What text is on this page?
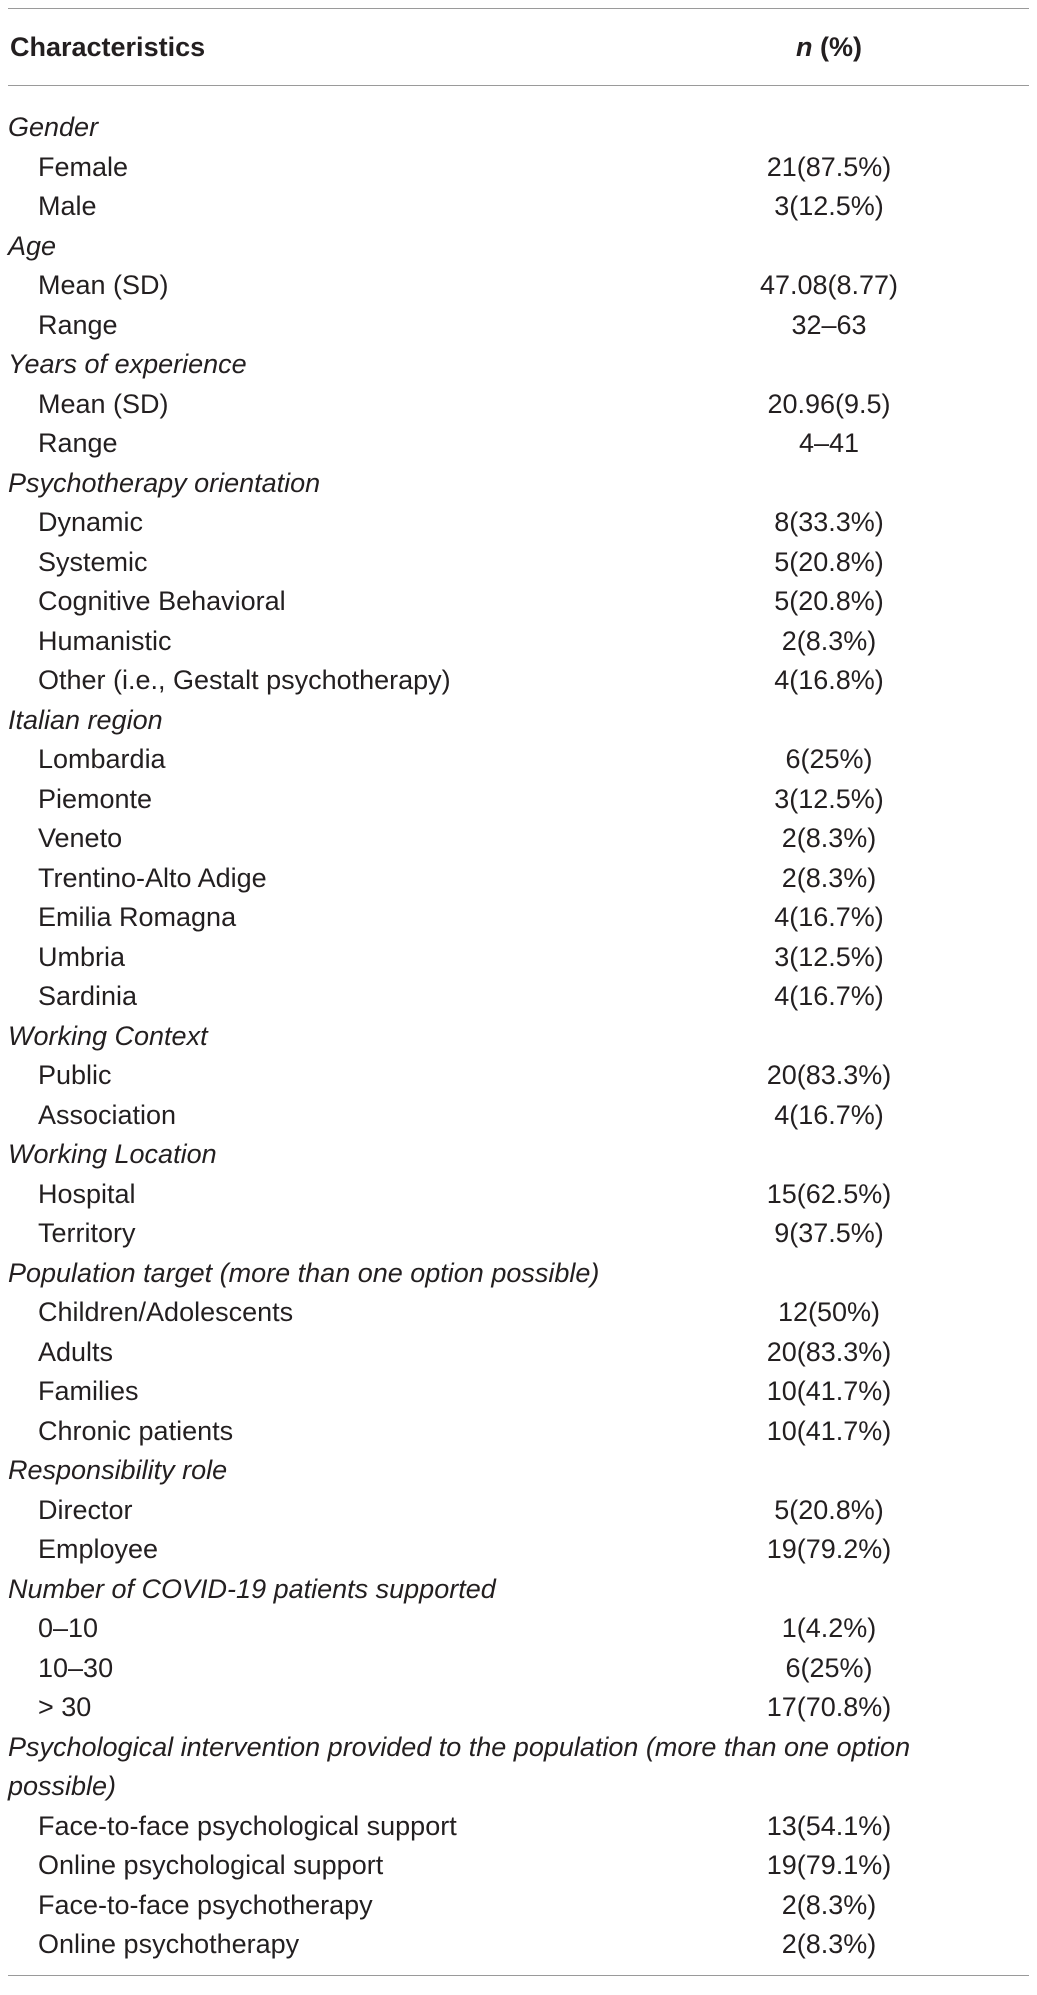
Characteristics	n (%)
Gender
Female	21(87.5%)
Male	3(12.5%)
Age
Mean (SD)	47.08(8.77)
Range	32–63
Years of experience
Mean (SD)	20.96(9.5)
Range	4–41
Psychotherapy orientation
Dynamic	8(33.3%)
Systemic	5(20.8%)
Cognitive Behavioral	5(20.8%)
Humanistic	2(8.3%)
Other (i.e., Gestalt psychotherapy)	4(16.8%)
Italian region
Lombardia	6(25%)
Piemonte	3(12.5%)
Veneto	2(8.3%)
Trentino-Alto Adige	2(8.3%)
Emilia Romagna	4(16.7%)
Umbria	3(12.5%)
Sardinia	4(16.7%)
Working Context
Public	20(83.3%)
Association	4(16.7%)
Working Location
Hospital	15(62.5%)
Territory	9(37.5%)
Population target (more than one option possible)
Children/Adolescents	12(50%)
Adults	20(83.3%)
Families	10(41.7%)
Chronic patients	10(41.7%)
Responsibility role
Director	5(20.8%)
Employee	19(79.2%)
Number of COVID-19 patients supported
0–10	1(4.2%)
10–30	6(25%)
> 30	17(70.8%)
Psychological intervention provided to the population (more than one option possible)
Face-to-face psychological support	13(54.1%)
Online psychological support	19(79.1%)
Face-to-face psychotherapy	2(8.3%)
Online psychotherapy	2(8.3%)
